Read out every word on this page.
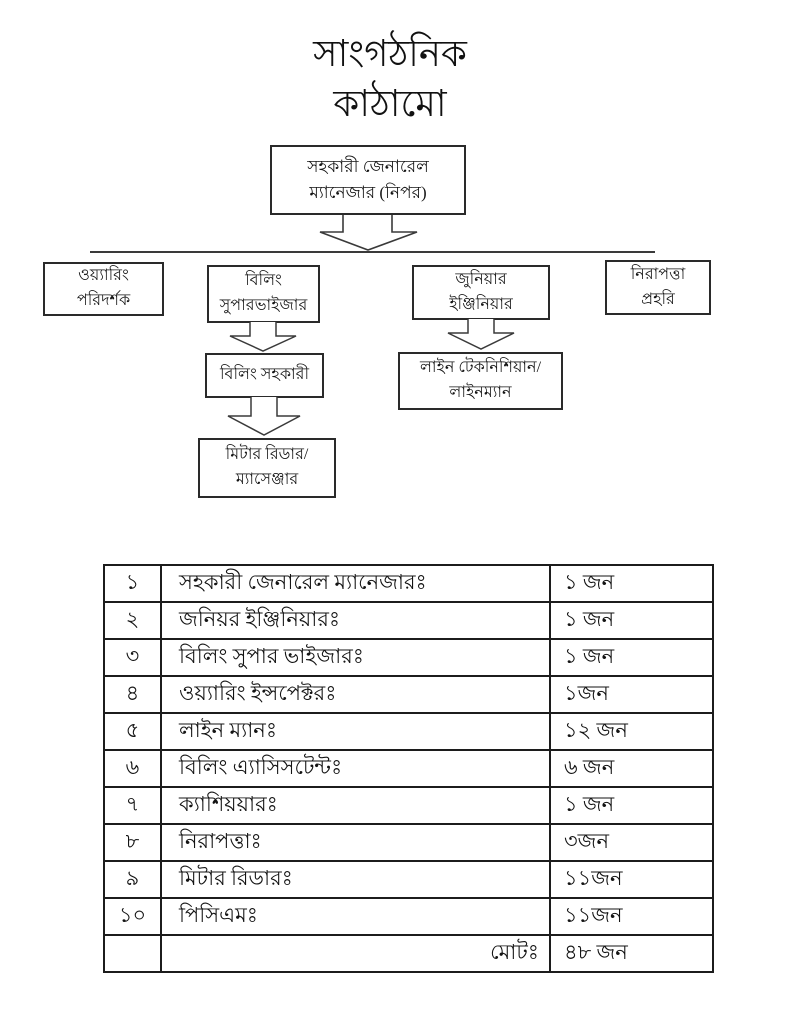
সাংগঠনিক
কাঠামো
সহকারী জেনারেল
ম্যানেজার (নিপর)
ওয়্যারিং
পরিদর্শক
বিলিং
সুপারভাইজার
জুনিয়ার
ইঞ্জিনিয়ার
নিরাপত্তা
প্রহরি
বিলিং সহকারী	লাইন টেকনিশিয়ান/
লাইনম্যান
মিটার রিডার/
ম্যাসেঞ্জার
১	সহকারী জেনারেল ম্যানেজারঃ	১ জন
২	জনিয়র ইঞ্জিনিয়ারঃ	১ জন
৩	বিলিং সুপার ভাইজারঃ	১ জন
৪	ওয়্যারিং ইন্সপেক্টরঃ	১জন
৫	লাইন ম্যানঃ	১২ জন
৬	বিলিং এ্যাসিসটেন্টঃ	৬ জন
৭	ক্যাশিয়য়ারঃ	১ জন
৮	নিরাপত্তাঃ	৩জন
৯	মিটার রিডারঃ	১১জন
১০	পিসিএমঃ	১১জন
	মোটঃ	৪৮ জন
